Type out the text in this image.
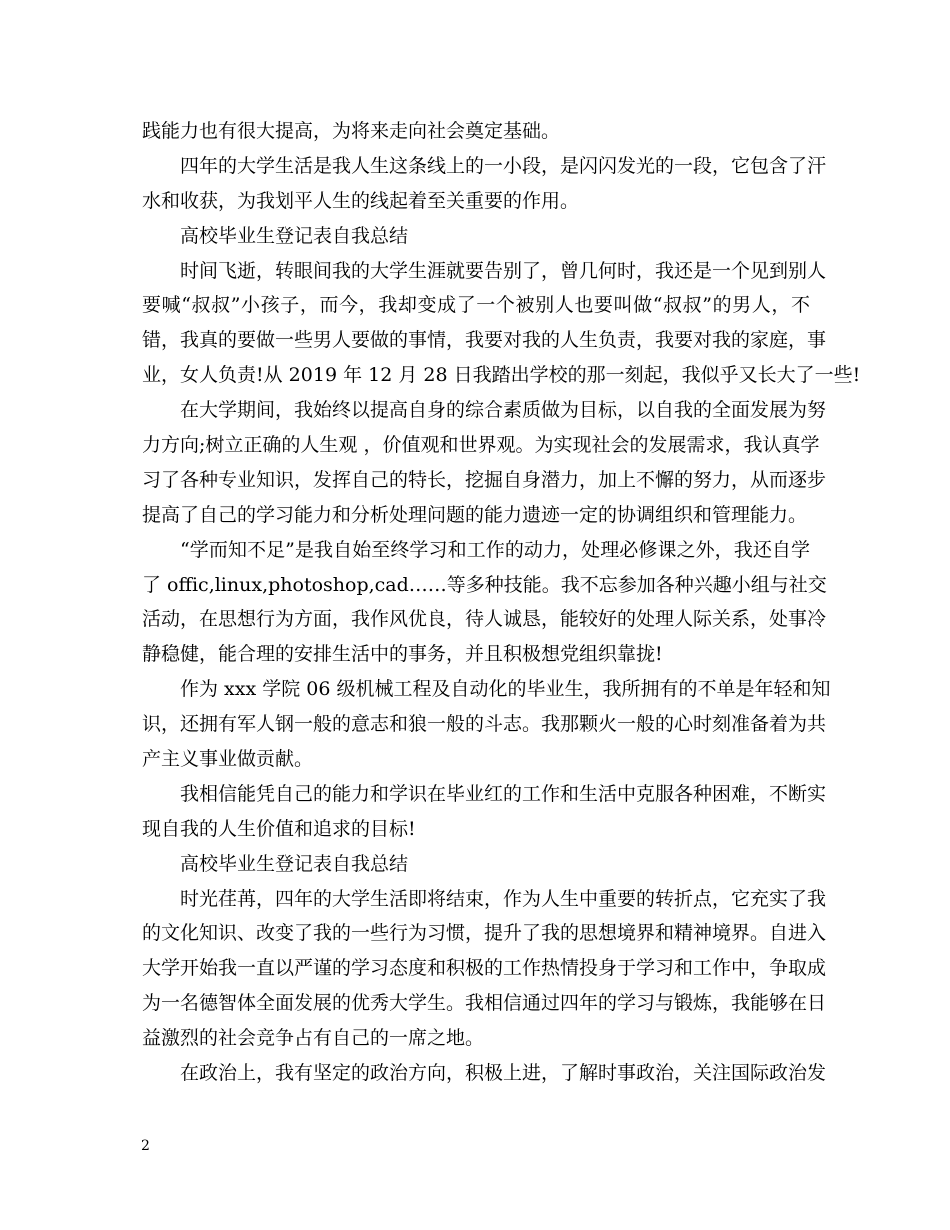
践能力也有很大提高，为将来走向社会奠定基础。
四年的大学生活是我人生这条线上的一小段，是闪闪发光的一段，它包含了汗
水和收获，为我划平人生的线起着至关重要的作用。
高校毕业生登记表自我总结
时间飞逝，转眼间我的大学生涯就要告别了，曾几何时，我还是一个见到别人
要喊“叔叔”小孩子，而今，我却变成了一个被别人也要叫做“叔叔”的男人，不
错，我真的要做一些男人要做的事情，我要对我的人生负责，我要对我的家庭，事
业，女人负责!从 2019 年 12 月 28 日我踏出学校的那一刻起，我似乎又长大了一些!
在大学期间，我始终以提高自身的综合素质做为目标，以自我的全面发展为努
力方向;树立正确的人生观 ，价值观和世界观。为实现社会的发展需求，我认真学
习了各种专业知识，发挥自己的特长，挖掘自身潜力，加上不懈的努力，从而逐步
提高了自己的学习能力和分析处理问题的能力遗迹一定的协调组织和管理能力。
“学而知不足”是我自始至终学习和工作的动力，处理必修课之外，我还自学
了 offic,linux,photoshop,cad……等多种技能。我不忘参加各种兴趣小组与社交
活动，在思想行为方面，我作风优良，待人诚恳，能较好的处理人际关系，处事冷
静稳健，能合理的安排生活中的事务，并且积极想党组织靠拢!
作为 xxx 学院 06 级机械工程及自动化的毕业生，我所拥有的不单是年轻和知
识，还拥有军人钢一般的意志和狼一般的斗志。我那颗火一般的心时刻准备着为共
产主义事业做贡献。
我相信能凭自己的能力和学识在毕业红的工作和生活中克服各种困难，不断实
现自我的人生价值和追求的目标!
高校毕业生登记表自我总结
时光荏苒，四年的大学生活即将结束，作为人生中重要的转折点，它充实了我
的文化知识、改变了我的一些行为习惯，提升了我的思想境界和精神境界。自进入
大学开始我一直以严谨的学习态度和积极的工作热情投身于学习和工作中，争取成
为一名德智体全面发展的优秀大学生。我相信通过四年的学习与锻炼，我能够在日
益激烈的社会竞争占有自己的一席之地。
在政治上，我有坚定的政治方向，积极上进，了解时事政治，关注国际政治发
2
